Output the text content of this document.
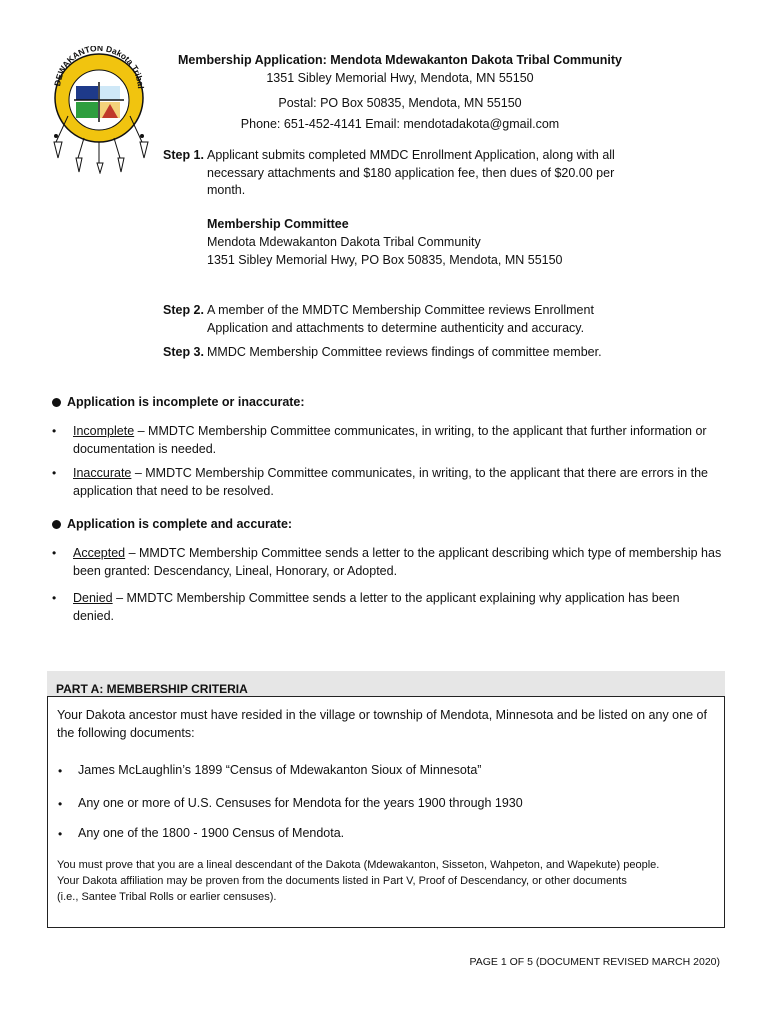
DEWAKANTON Dakota Tribal
Membership Application: Mendota Mdewakanton Dakota Tribal Community
1351 Sibley Memorial Hwy, Mendota, MN 55150
Postal: PO Box 50835, Mendota, MN 55150
Phone: 651-452-4141 Email: mendotadakota@gmail.com
Step 1. Applicant submits completed MMDC Enrollment Application, along with all necessary attachments and $180 application fee, then dues of $20.00 per month.
Membership Committee
Mendota Mdewakanton Dakota Tribal Community
1351 Sibley Memorial Hwy, PO Box 50835, Mendota, MN 55150
Step 2. A member of the MMDTC Membership Committee reviews Enrollment Application and attachments to determine authenticity and accuracy.
Step 3. MMDC Membership Committee reviews findings of committee member.
Application is incomplete or inaccurate:
• Incomplete – MMDTC Membership Committee communicates, in writing, to the applicant that further information or documentation is needed.
• Inaccurate – MMDTC Membership Committee communicates, in writing, to the applicant that there are errors in the application that need to be resolved.
Application is complete and accurate:
• Accepted – MMDTC Membership Committee sends a letter to the applicant describing which type of membership has been granted: Descendancy, Lineal, Honorary, or Adopted.
• Denied – MMDTC Membership Committee sends a letter to the applicant explaining why application has been denied.
PART A: MEMBERSHIP CRITERIA
Your Dakota ancestor must have resided in the village or township of Mendota, Minnesota and be listed on any one of the following documents:
• James McLaughlin’s 1899 “Census of Mdewakanton Sioux of Minnesota”
• Any one or more of U.S. Censuses for Mendota for the years 1900 through 1930
• Any one of the 1800 - 1900 Census of Mendota.
You must prove that you are a lineal descendant of the Dakota (Mdewakanton, Sisseton, Wahpeton, and Wapekute) people.
Your Dakota affiliation may be proven from the documents listed in Part V, Proof of Descendancy, or other documents
(i.e., Santee Tribal Rolls or earlier censuses).
PAGE 1 OF 5 (DOCUMENT REVISED MARCH 2020)
